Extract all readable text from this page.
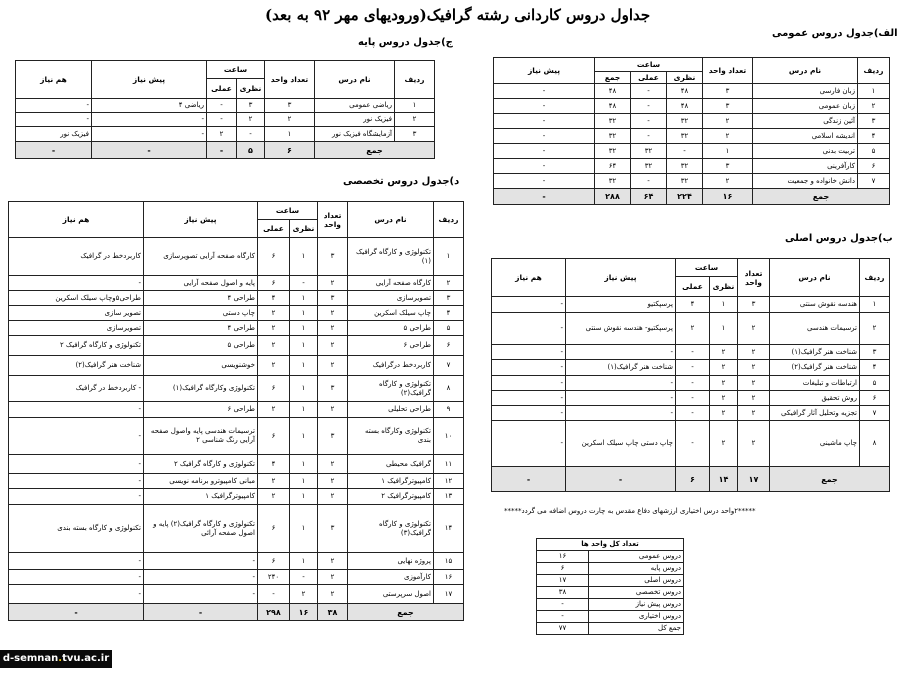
جداول دروس کاردانی رشته گرافیک(ورودیهای مهر ۹۲ به بعد)
الف)جدول دروس عمومی
ج)جدول دروس پایه
د)جدول دروس تخصصی
ب)جدول دروس اصلی
ردیف	نام درس	تعداد واحد	ساعت			پیش نیاز
			نظری	عملی	جمع	
۱	زبان فارسی	۳	۴۸	-	۴۸	-
۲	زبان عمومی	۳	۴۸	-	۴۸	-
۳	آئین زندگی	۲	۳۲	-	۳۲	-
۴	اندیشه اسلامی	۲	۳۲	-	۳۲	-
۵	تربیت بدنی	۱	-	۳۲	۳۲	-
۶	کارآفرینی	۳	۳۲	۳۲	۶۴	-
۷	دانش خانواده و جمعیت	۲	۳۲	-	۳۲	-
جمع		۱۶	۲۲۴	۶۴	۲۸۸	-
ردیف	نام درس	تعداد واحد	ساعت		پیش نیاز	هم نیاز
			نظری	عملی		
۱	ریاضی عمومی	۳	۳	-	ریاضی ۴	-
۲	فیزیک نور	۲	۲	-	-	-
۳	آزمایشگاه فیزیک نور	۱	-	۲	-	فیزیک نور
جمع		۶	۵	-	-	-
ردیف	نام درس	تعداد واحد	ساعت		پیش نیاز	هم نیاز
			نظری	عملی		
۱	تکنولوژی و کارگاه گرافیک (۱)	۳	۱	۶	کارگاه صفحه آرایی تصویرسازی	کاربردخط در گرافیک
۲	کارگاه صفحه آرایی	۲	-	۶	پایه و اصول صفحه آرایی	-
۳	تصویرسازی	۳	۱	۴	طراحی ۴	طراحی۵وچاپ سیلک اسکرین
۴	چاپ سیلک اسکرین	۲	۱	۲	چاپ دستی	تصویر سازی
۵	طراحی ۵	۲	۱	۲	طراحی ۴	تصویرسازی
۶	طراحی ۶	۲	۱	۲	طراحی ۵	تکنولوژی و کارگاه گرافیک ۲
۷	کاربردخط درگرافیک	۲	۱	۲	خوشنویسی	شناخت هنر گرافیک(۲)
۸	تکنولوژی و کارگاه گرافیک(۲)	۳	۱	۶	تکنولوژی وکارگاه گرافیک(۱)	- کاربردخط در گرافیک
۹	طراحی تحلیلی	۲	۱	۲	طراحی ۶	-
۱۰	تکنولوژی وکارگاه بسته بندی	۳	۱	۶	ترسیمات هندسی پایه واصول صفحه آرایی رنگ شناسی ۲	-
۱۱	گرافیک محیطی	۲	۱	۴	تکنولوژی و کارگاه گرافیک ۲	-
۱۲	کامپیوترگرافیک ۱	۲	۱	۲	مبانی کامپیوترو برنامه نویسی	-
۱۳	کامپیوترگرافیک ۲	۲	۱	۲	کامپیوترگرافیک ۱	-
۱۴	تکنولوژی و کارگاه گرافیک(۳)	۳	۱	۶	تکنولوژی و کارگاه گرافیک(۲) پایه و اصول صفحه آرائی	تکنولوژی و کارگاه بسته بندی
۱۵	پروژه نهایی	۲	۱	۶	-	-
۱۶	کارآموزی	۲	-	۲۴۰	-	-
۱۷	اصول سرپرستی	۲	۲	-	-	-
جمع		۳۸	۱۶	۲۹۸	-	-
ردیف	نام درس	تعداد واحد	ساعت		پیش نیاز	هم نیاز
			نظری	عملی		
۱	هندسه نقوش سنتی	۳	۱	۴	پرسپکتیو	-
۲	ترسیمات هندسی	۲	۱	۲	پرسپکتیو- هندسه نقوش سنتی	-
۳	شناخت هنر گرافیک(۱)	۲	۲	-	-	-
۴	شناخت هنر گرافیک(۲)	۲	۲	-	شناخت هنر گرافیک(۱)	-
۵	ارتباطات و تبلیغات	۲	۲	-	-	-
۶	روش تحقیق	۲	۲	-	-	-
۷	تجزیه وتحلیل آثار گرافیکی	۲	۲	-	-	-
۸	چاپ ماشینی	۲	۲	-	چاپ دستی چاپ سیلک اسکرین	-
جمع		۱۷	۱۴	۶	-	-
*****۲واحد درس اختیاری ارزشهای دفاع مقدس به چارت دروس اضافه می گردد*****
تعداد کل واحد ها	
دروس عمومی	۱۶
دروس پایه	۶
دروس اصلی	۱۷
دروس تخصصی	۳۸
دروس پیش نیاز	-
دروس اختیاری	-
جمع کل	۷۷
d-semnan.tvu.ac.ir
